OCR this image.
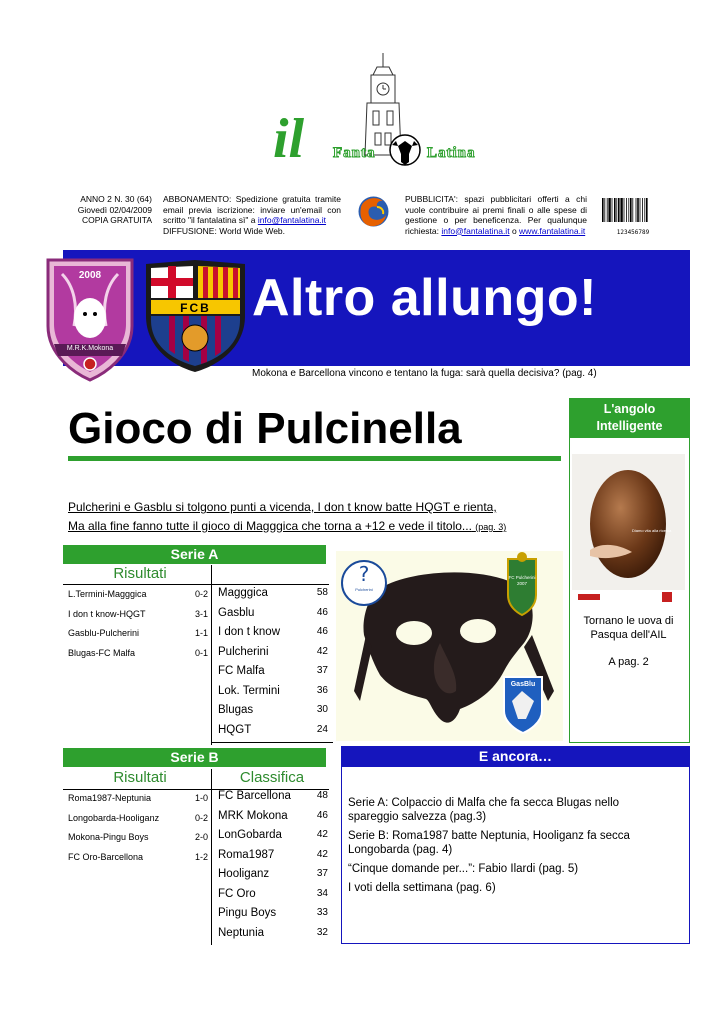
il Fanta	Latina
ANNO 2 N. 30 (64)
Giovedì 02/04/2009
COPIA GRATUITA
ABBONAMENTO: Spedizione gratuita tramite email previa iscrizione: inviare un'email con scritto "il fantalatina sì" a info@fantalatina.it
DIFFUSIONE: World Wide Web.
PUBBLICITA': spazi pubblicitari offerti a chi vuole contribuire ai premi finali o alle spese di gestione o per beneficenza. Per qualunque richiesta: info@fantalatina.it o www.fantalatina.it	123456789
2008
M.R.K.Mokona
FCB Altro allungo!
Mokona e Barcellona vincono e tentano la fuga: sarà quella decisiva? (pag. 4)
Gioco di Pulcinella
Pulcherini e Gasblu si tolgono punti a vicenda, I don t know batte HQGT e rienta,
Ma alla fine fanno tutte il gioco di Magggica che torna a +12 e vede il titolo... (pag. 3)
L'angolo
Intelligente
Diamo vita alla ricerca
Tornano le uova di Pasqua dell'AIL
A pag. 2
?
Pulcherini
FC Pulcherini 2007
GasBlu
Serie A
Risultati
L.Termini-Magggica	0-2
I don t know-HQGT	3-1
Gasblu-Pulcherini	1-1
Blugas-FC Malfa	0-1
Magggica	58
Gasblu	46
I don t know	46
Pulcherini	42
FC Malfa	37
Lok. Termini	36
Blugas	30
HQGT	24
Serie B
Risultati	Classifica
Roma1987-Neptunia	1-0
Longobarda-Hooliganz	0-2
Mokona-Pingu Boys	2-0
FC Oro-Barcellona	1-2
FC Barcellona	48
MRK Mokona	46
LonGobarda	42
Roma1987	42
Hooliganz	37
FC Oro	34
Pingu Boys	33
Neptunia	32
E ancora…
Serie A: Colpaccio di Malfa che fa secca Blugas nello spareggio salvezza (pag.3)
Serie B: Roma1987 batte Neptunia, Hooliganz fa secca Longobarda (pag. 4)
“Cinque domande per...”: Fabio Ilardi (pag. 5)
I voti della settimana (pag. 6)
